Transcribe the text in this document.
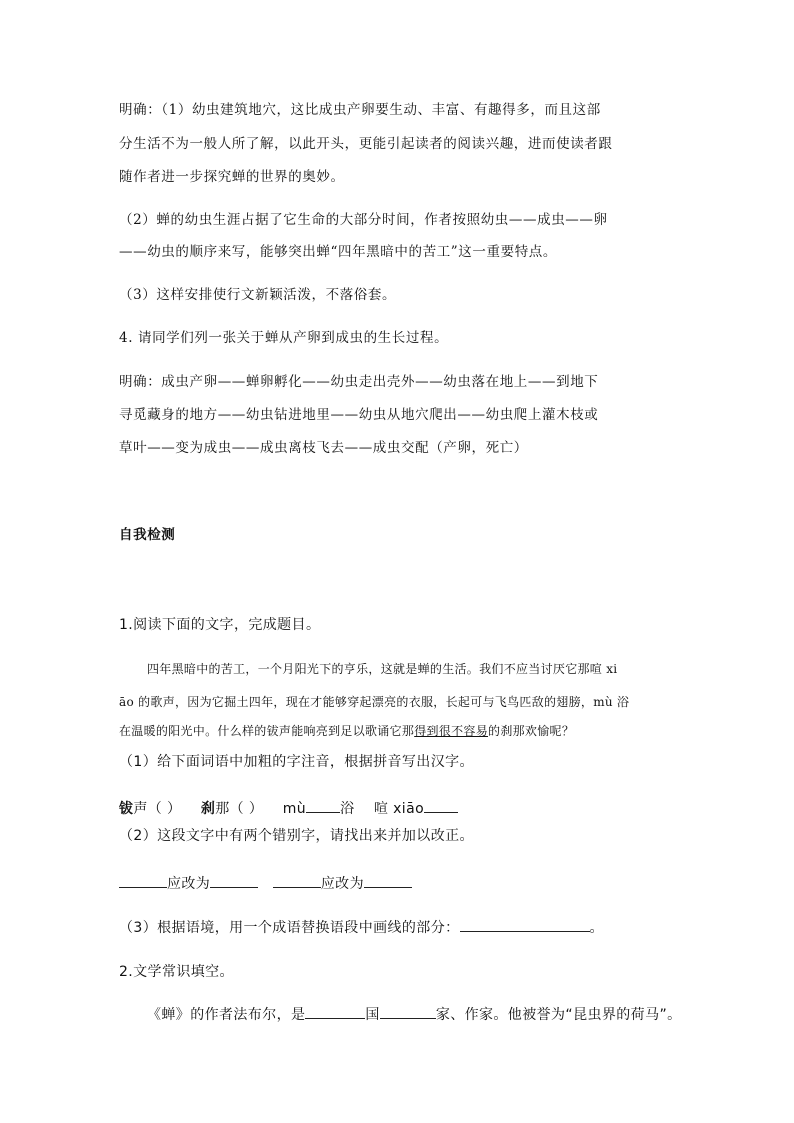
明确：（1）幼虫建筑地穴，这比成虫产卵要生动、丰富、有趣得多，而且这部
分生活不为一般人所了解，以此开头，更能引起读者的阅读兴趣，进而使读者跟
随作者进一步探究蝉的世界的奥妙。
（2）蝉的幼虫生涯占据了它生命的大部分时间，作者按照幼虫——成虫——卵
——幼虫的顺序来写，能够突出蝉“四年黑暗中的苦工”这一重要特点。
（3）这样安排使行文新颖活泼，不落俗套。
4. 请同学们列一张关于蝉从产卵到成虫的生长过程。
明确：成虫产卵——蝉卵孵化——幼虫走出壳外——幼虫落在地上——到地下
寻觅藏身的地方——幼虫钻进地里——幼虫从地穴爬出——幼虫爬上灌木枝或
草叶——变为成虫——成虫离枝飞去——成虫交配（产卵，死亡）
自我检测
1.阅读下面的文字，完成题目。
四年黑暗中的苦工，一个月阳光下的亨乐，这就是蝉的生活。我们不应当讨厌它那喧 xi
āo 的歌声，因为它掘土四年，现在才能够穿起漂亮的衣服，长起可与飞鸟匹敌的翅膀，mù 浴
在温暖的阳光中。什么样的钹声能响亮到足以歌诵它那得到很不容易的刹那欢愉呢？
（1）给下面词语中加粗的字注音，根据拼音写出汉字。
钹声（ ） 刹那（ ） mù 浴 喧 xiāo
（2）这段文字中有两个错别字，请找出来并加以改正。
应改为	应改为
（3）根据语境，用一个成语替换语段中画线的部分：	。
2.文学常识填空。
《蝉》的作者法布尔，是	国	家、作家。他被誉为“昆虫界的荷马”。
